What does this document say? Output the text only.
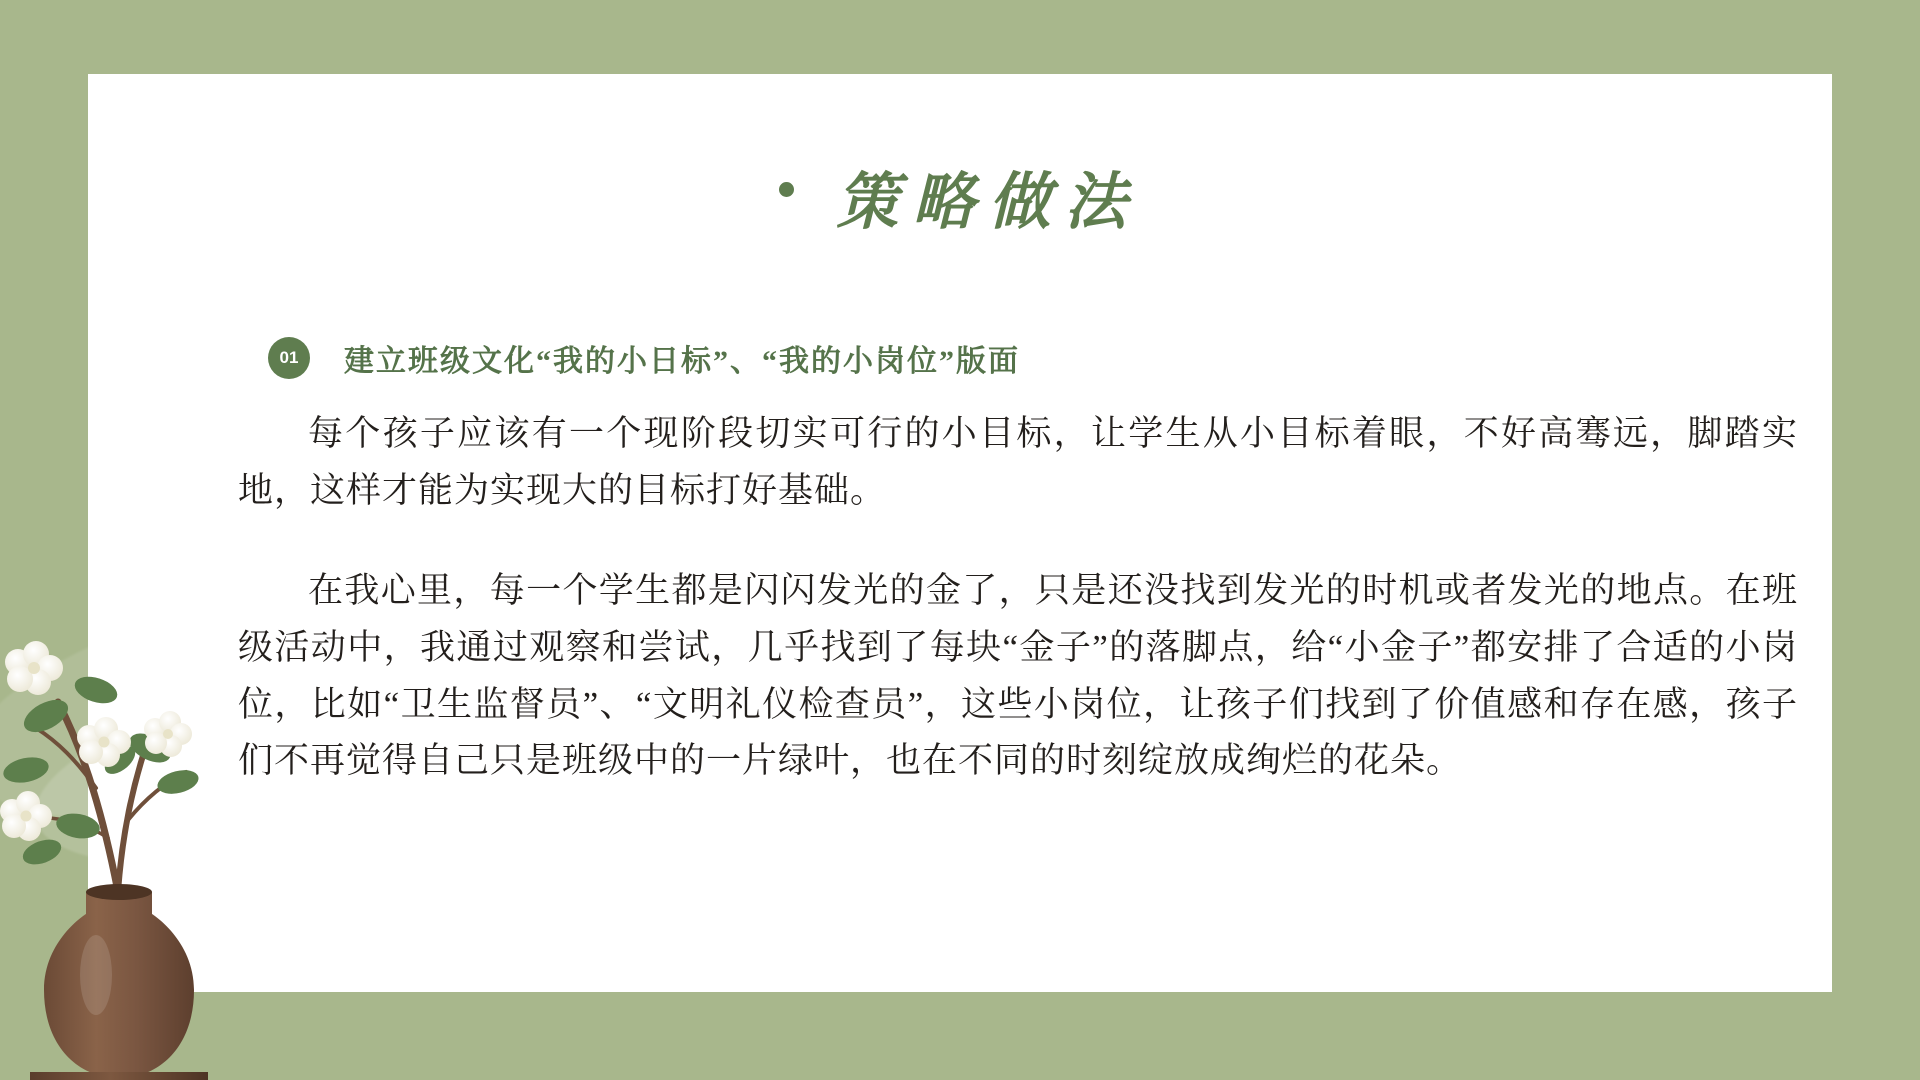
策略做法
01	建立班级文化“我的小日标”、“我的小岗位”版面

每个孩子应该有一个现阶段切实可行的小目标，让学生从小目标着眼，不好高骞远，脚踏实地，这样才能为实现大的目标打好基础。

在我心里，每一个学生都是闪闪发光的金了，只是还没找到发光的时机或者发光的地点。在班级活动中，我通过观察和尝试，几乎找到了每块“金子”的落脚点，给“小金子”都安排了合适的小岗位，比如“卫生监督员”、“文明礼仪检查员”，这些小岗位，让孩子们找到了价值感和存在感，孩子们不再觉得自己只是班级中的一片绿叶，也在不同的时刻绽放成绚烂的花朵。
